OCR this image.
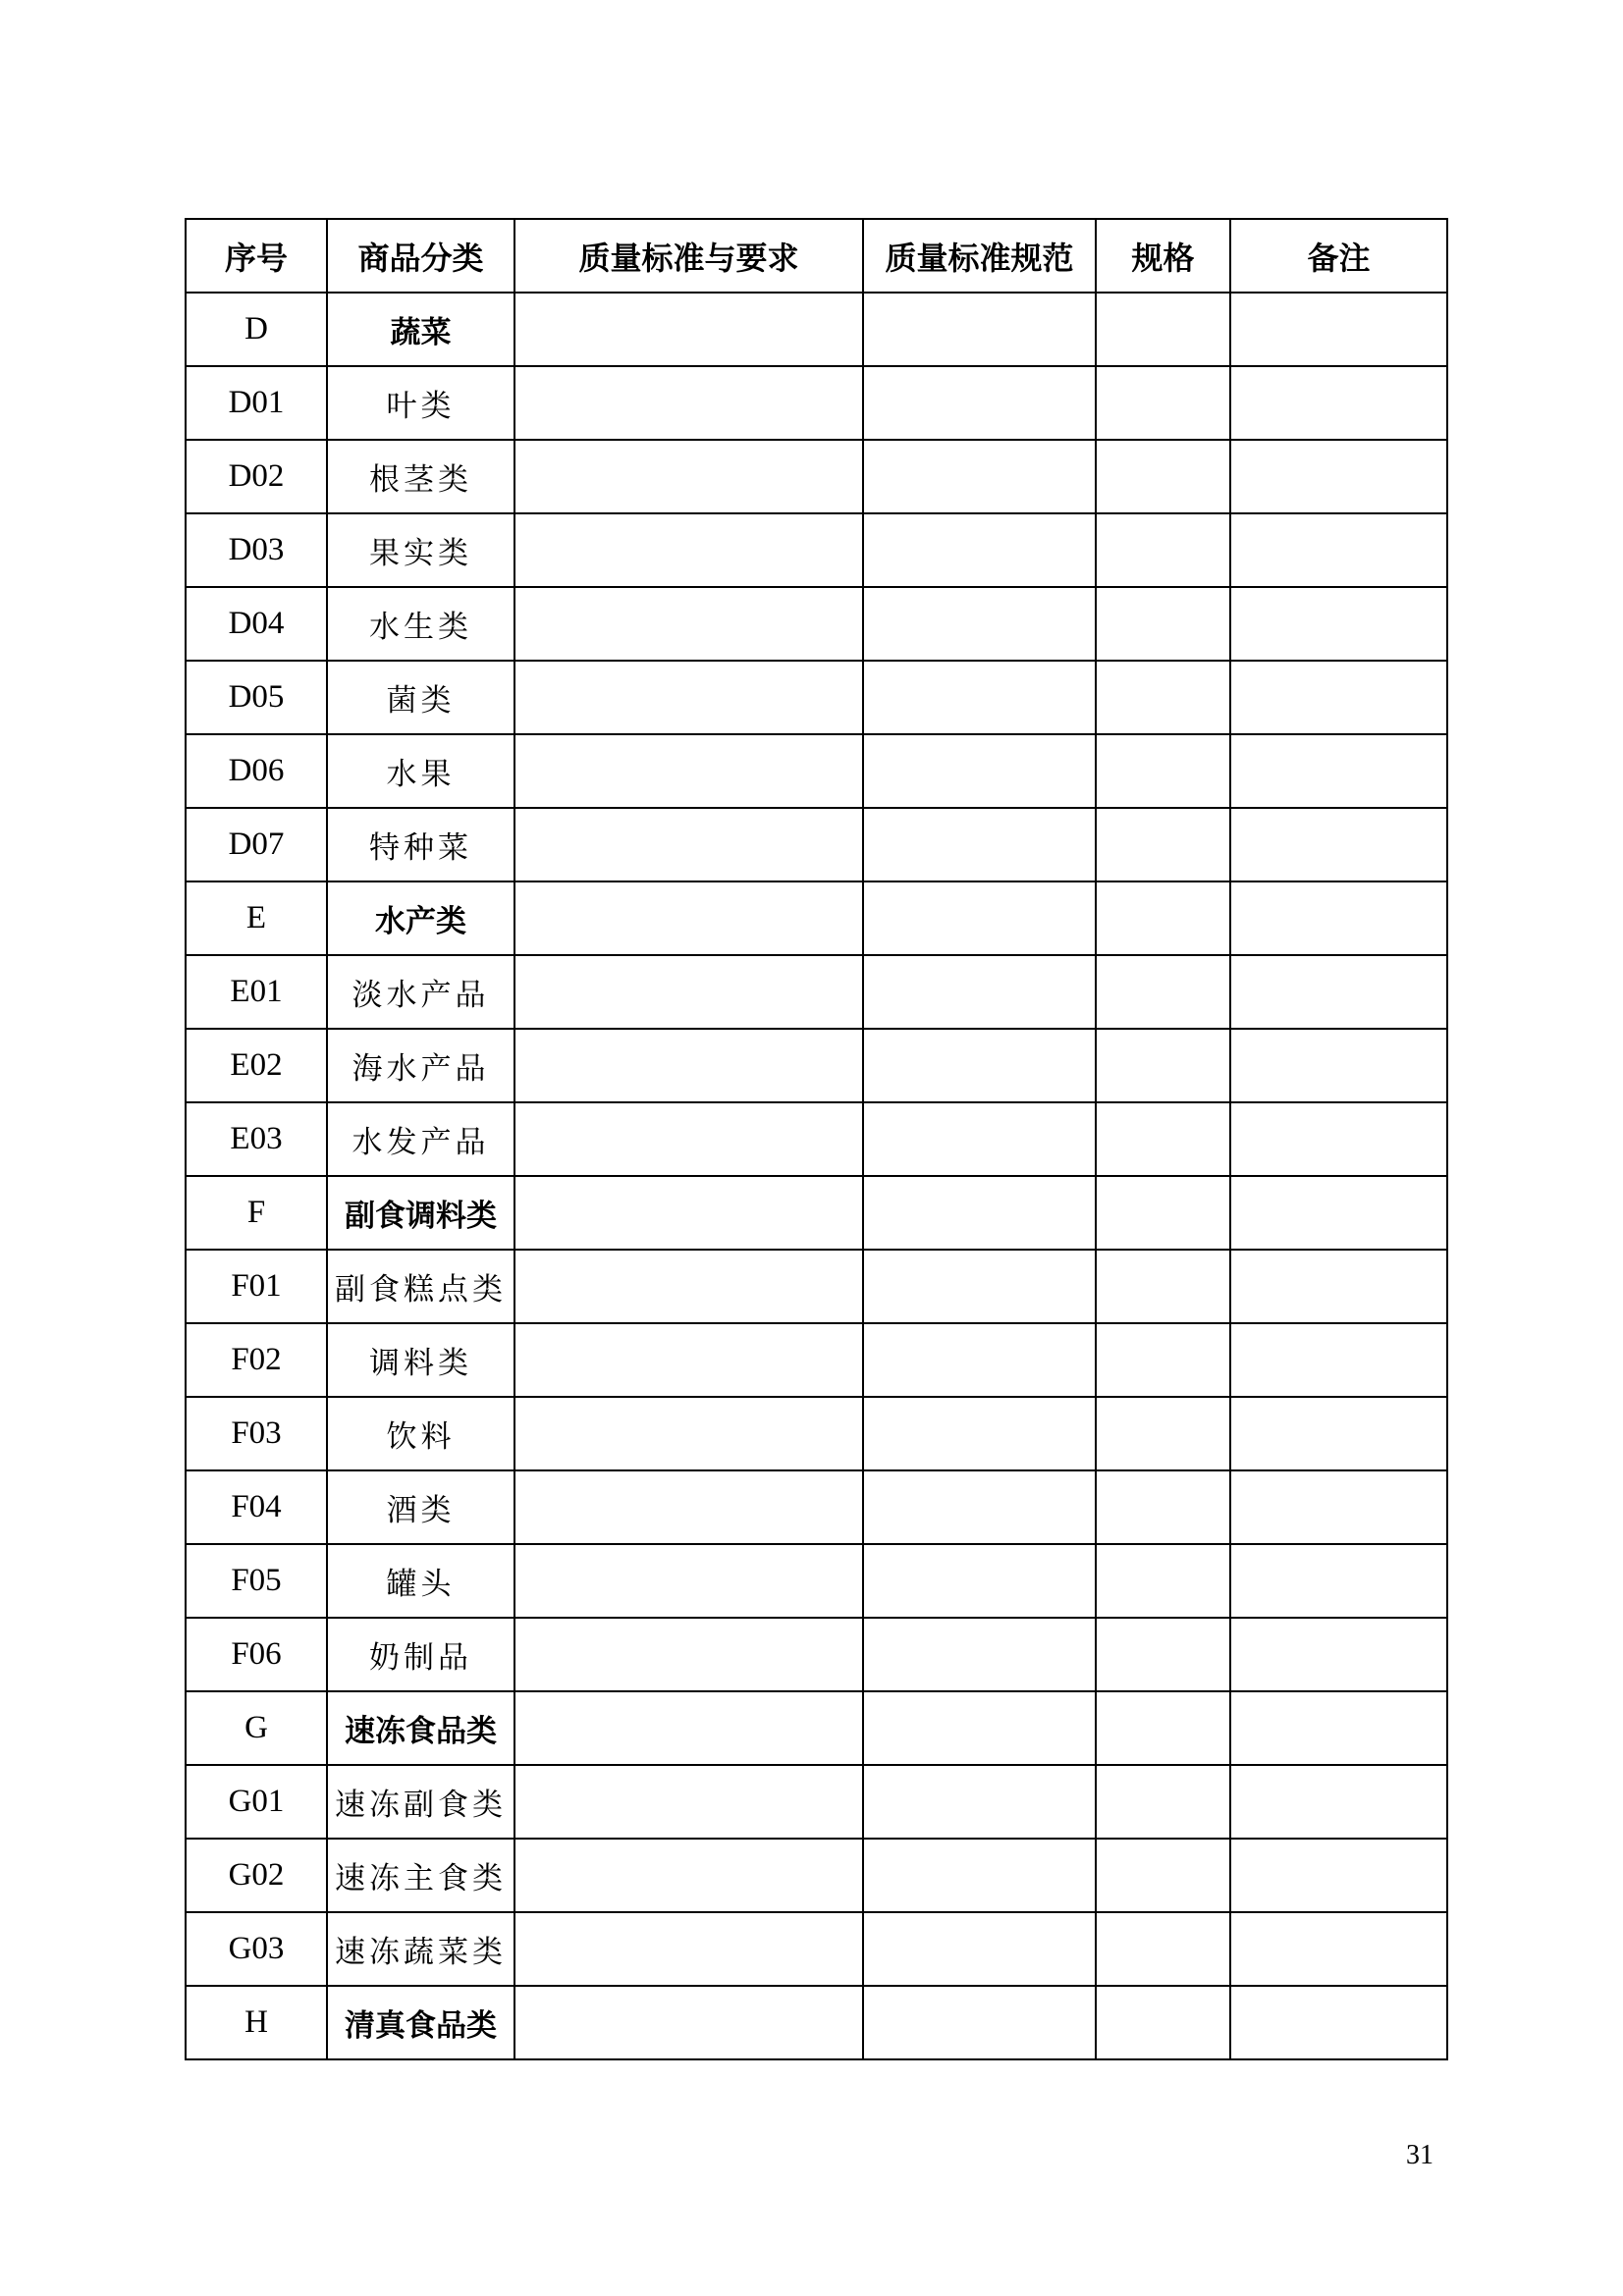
序号	商品分类	质量标准与要求	质量标准规范	规格	备注
D	蔬菜				
D01	叶类				
D02	根茎类				
D03	果实类				
D04	水生类				
D05	菌类				
D06	水果				
D07	特种菜				
E	水产类				
E01	淡水产品				
E02	海水产品				
E03	水发产品				
F	副食调料类				
F01	副食糕点类				
F02	调料类				
F03	饮料				
F04	酒类				
F05	罐头				
F06	奶制品				
G	速冻食品类				
G01	速冻副食类				
G02	速冻主食类				
G03	速冻蔬菜类				
H	清真食品类				
31
